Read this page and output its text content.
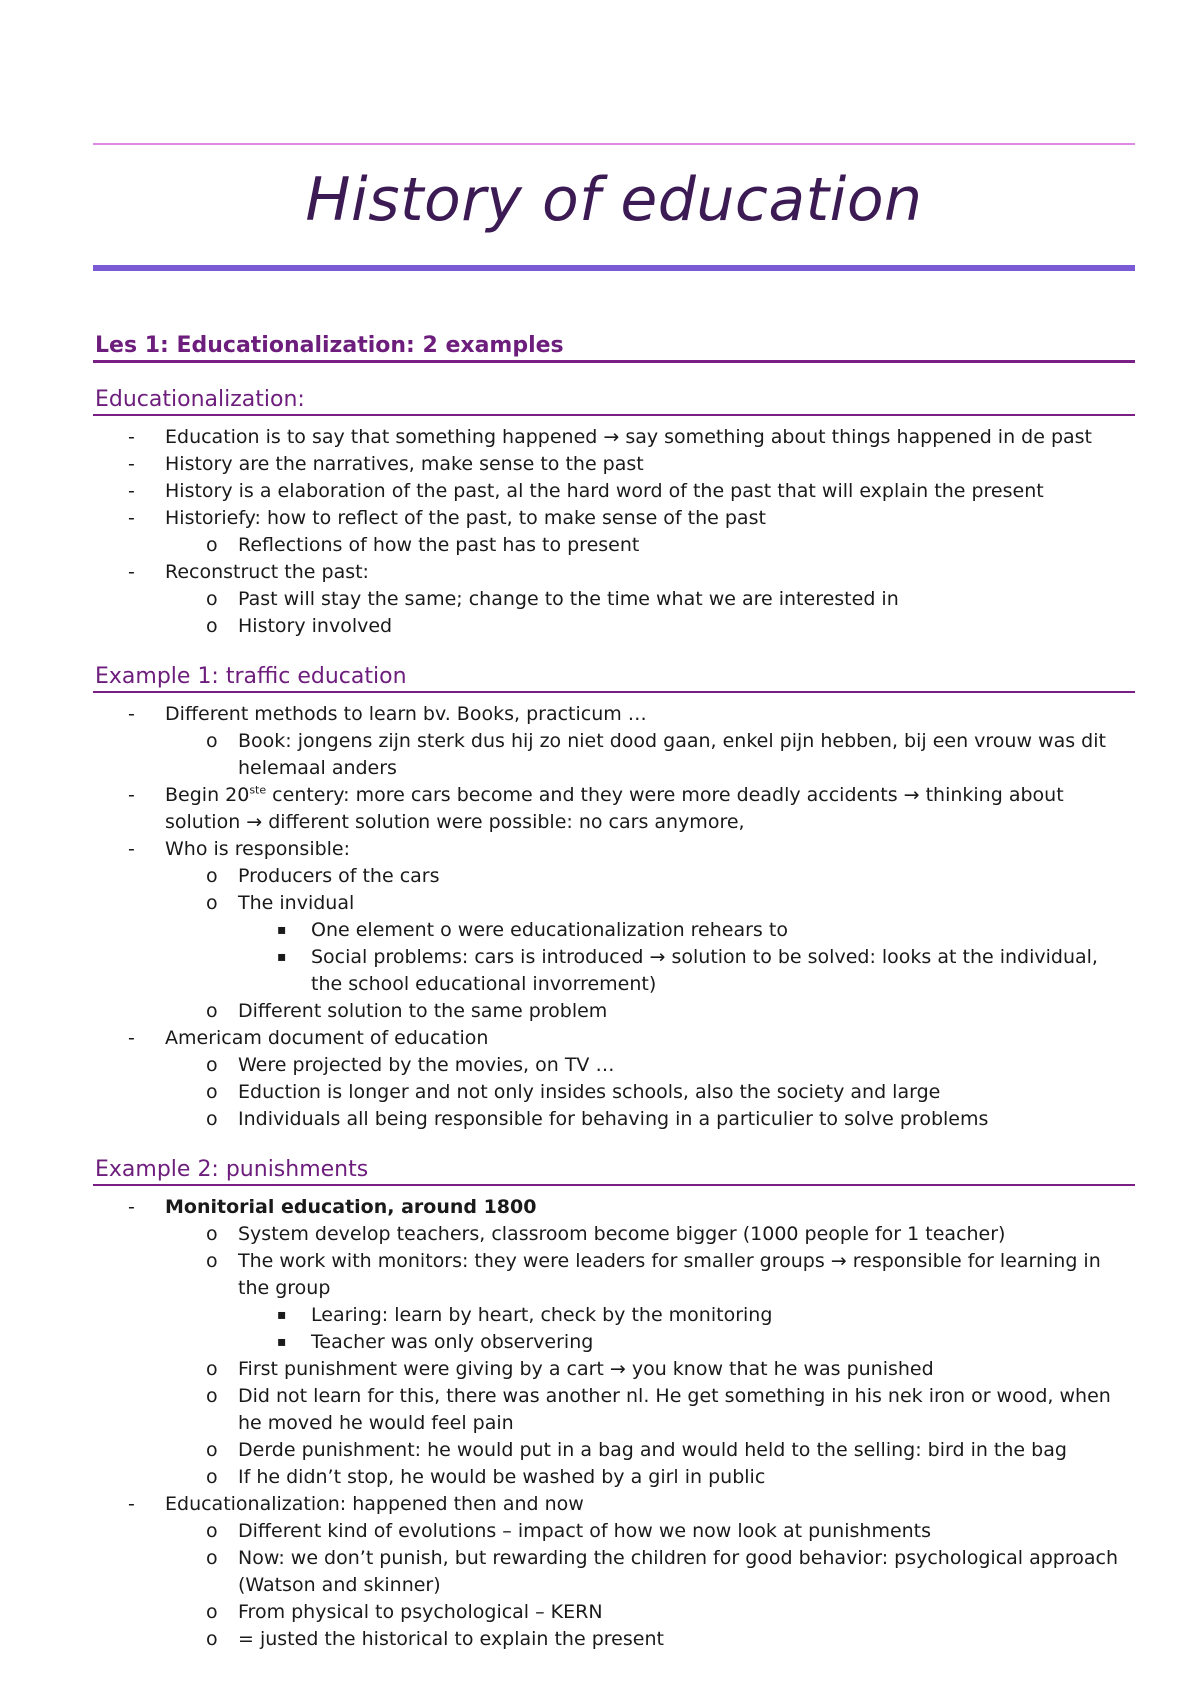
History of education
Les 1: Educationalization: 2 examples
Educationalization:
- Education is to say that something happened → say something about things happened in de past
- History are the narratives, make sense to the past
- History is a elaboration of the past, al the hard word of the past that will explain the present
- Historiefy: how to reflect of the past, to make sense of the past
o Reflections of how the past has to present
- Reconstruct the past:
o Past will stay the same; change to the time what we are interested in
o History involved
Example 1: traffic education
- Different methods to learn bv. Books, practicum …
o Book: jongens zijn sterk dus hij zo niet dood gaan, enkel pijn hebben, bij een vrouw was dit helemaal anders
- Begin 20ste centery: more cars become and they were more deadly accidents → thinking about solution → different solution were possible: no cars anymore,
- Who is responsible:
o Producers of the cars
o The invidual
▪ One element o were educationalization rehears to
▪ Social problems: cars is introduced → solution to be solved: looks at the individual, the school educational invorrement)
o Different solution to the same problem
- Americam document of education
o Were projected by the movies, on TV …
o Eduction is longer and not only insides schools, also the society and large
o Individuals all being responsible for behaving in a particulier to solve problems
Example 2: punishments
- Monitorial education, around 1800
o System develop teachers, classroom become bigger (1000 people for 1 teacher)
o The work with monitors: they were leaders for smaller groups → responsible for learning in the group
▪ Learing: learn by heart, check by the monitoring
▪ Teacher was only observering
o First punishment were giving by a cart → you know that he was punished
o Did not learn for this, there was another nl. He get something in his nek iron or wood, when he moved he would feel pain
o Derde punishment: he would put in a bag and would held to the selling: bird in the bag
o If he didn’t stop, he would be washed by a girl in public
- Educationalization: happened then and now
o Different kind of evolutions – impact of how we now look at punishments
o Now: we don’t punish, but rewarding the children for good behavior: psychological approach (Watson and skinner)
o From physical to psychological – KERN
o = justed the historical to explain the present
